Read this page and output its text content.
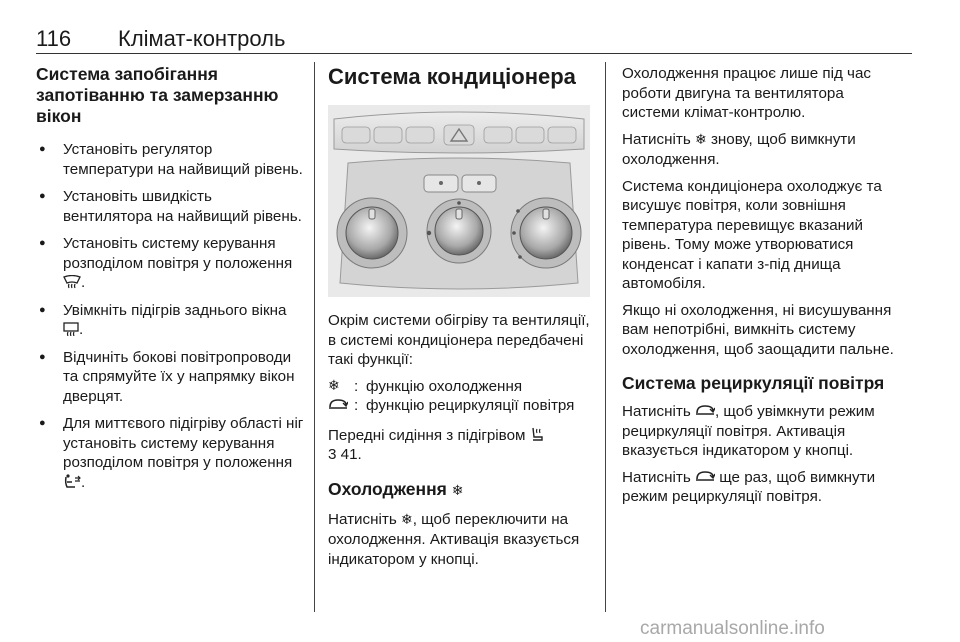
116 Клімат-контроль
Система запобігання запотіванню та замерзанню вікон
● Установіть регулятор температури на найвищий рівень.
● Установіть швидкість вентилятора на найвищий рівень.
● Установіть систему керування розподілом повітря у положення .
● Увімкніть підігрів заднього вікна .
● Відчиніть бокові повітропроводи та спрямуйте їх у напрямку вікон дверцят.
● Для миттєвого підігріву області ніг установіть систему керування розподілом повітря у положення .
Система кондиціонера

Окрім системи обігріву та вентиляції, в системі кондиціонера передбачені такі функції:

❄ : функцію охолодження
: функцію рециркуляції повітря

Передні сидіння з підігрівом
3 41.

Охолодження ❄

Натисніть ❄, щоб переключити на охолодження. Активація вказується індикатором у кнопці.

Охолодження працює лише під час роботи двигуна та вентилятора системи клімат-контролю.

Натисніть ❄ знову, щоб вимкнути охолодження.

Система кондиціонера охолоджує та висушує повітря, коли зовнішня температура перевищує вказаний рівень. Тому може утворюватися конденсат і капати з-під днища автомобіля.

Якщо ні охолодження, ні висушування вам непотрібні, вимкніть систему охолодження, щоб заощадити пальне.

Система рециркуляції повітря

Натисніть , щоб увімкнути режим рециркуляції повітря. Активація вказується індикатором у кнопці.

Натисніть ще раз, щоб вимкнути режим рециркуляції повітря.

carmanualsonline.info
